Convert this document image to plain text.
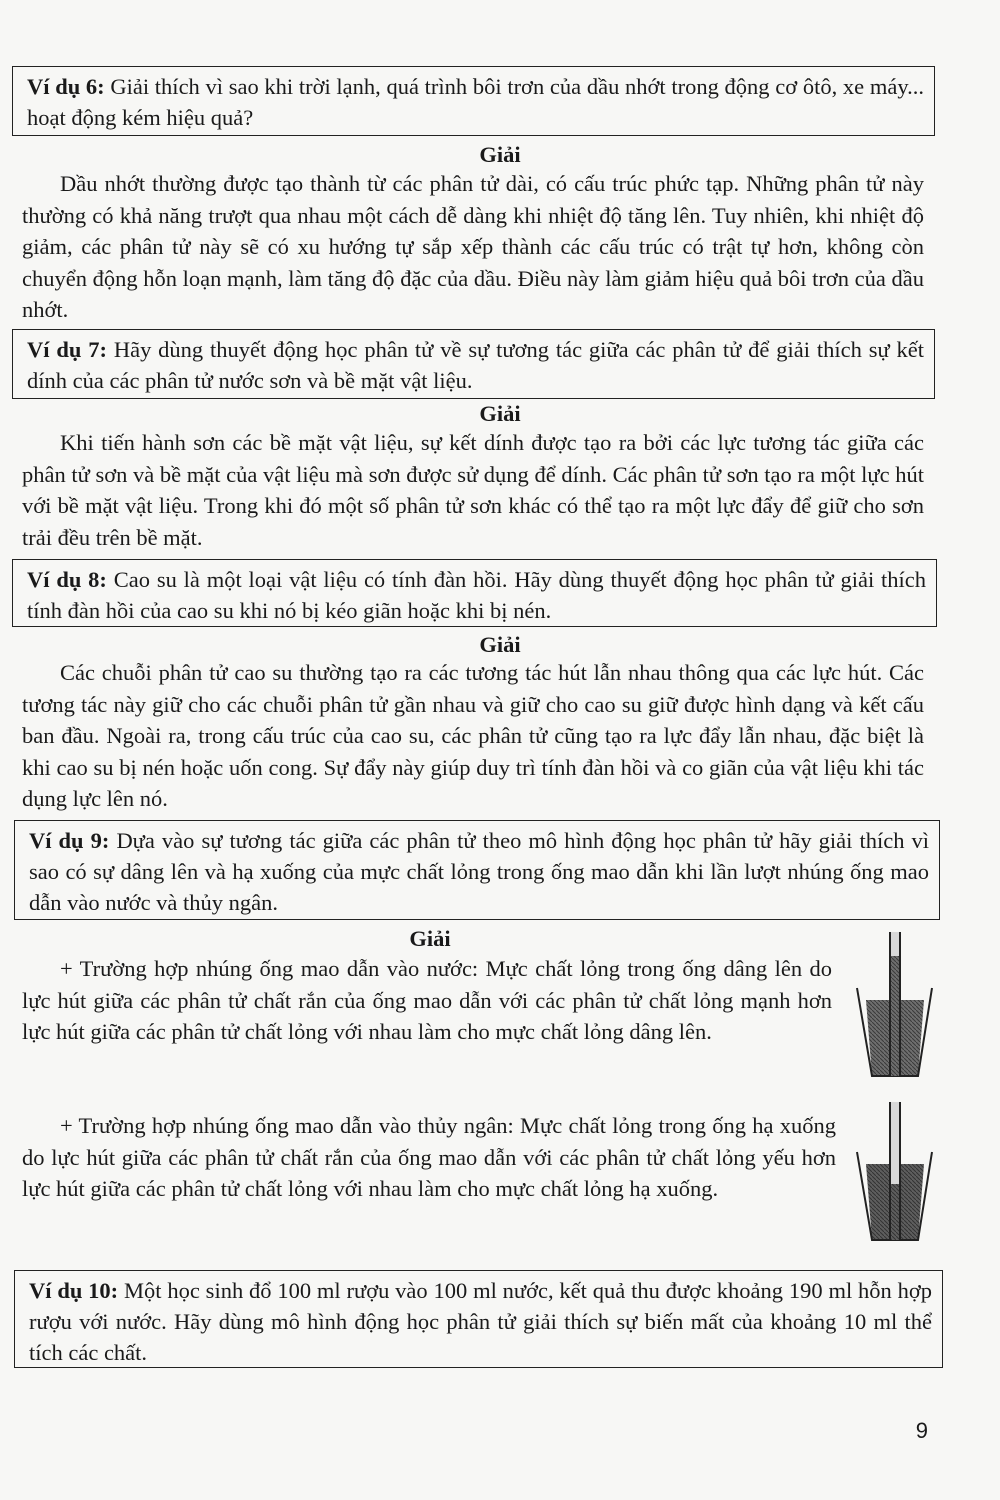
Ví dụ 6: Giải thích vì sao khi trời lạnh, quá trình bôi trơn của dầu nhớt trong động cơ ôtô, xe máy... hoạt động kém hiệu quả?
Giải
Dầu nhớt thường được tạo thành từ các phân tử dài, có cấu trúc phức tạp. Những phân tử này thường có khả năng trượt qua nhau một cách dễ dàng khi nhiệt độ tăng lên. Tuy nhiên, khi nhiệt độ giảm, các phân tử này sẽ có xu hướng tự sắp xếp thành các cấu trúc có trật tự hơn, không còn chuyển động hỗn loạn mạnh, làm tăng độ đặc của dầu. Điều này làm giảm hiệu quả bôi trơn của dầu nhớt.
Ví dụ 7: Hãy dùng thuyết động học phân tử về sự tương tác giữa các phân tử để giải thích sự kết dính của các phân tử nước sơn và bề mặt vật liệu.
Giải
Khi tiến hành sơn các bề mặt vật liệu, sự kết dính được tạo ra bởi các lực tương tác giữa các phân tử sơn và bề mặt của vật liệu mà sơn được sử dụng để dính. Các phân tử sơn tạo ra một lực hút với bề mặt vật liệu. Trong khi đó một số phân tử sơn khác có thể tạo ra một lực đẩy để giữ cho sơn trải đều trên bề mặt.
Ví dụ 8: Cao su là một loại vật liệu có tính đàn hồi. Hãy dùng thuyết động học phân tử giải thích tính đàn hồi của cao su khi nó bị kéo giãn hoặc khi bị nén.
Giải
Các chuỗi phân tử cao su thường tạo ra các tương tác hút lẫn nhau thông qua các lực hút. Các tương tác này giữ cho các chuỗi phân tử gần nhau và giữ cho cao su giữ được hình dạng và kết cấu ban đầu. Ngoài ra, trong cấu trúc của cao su, các phân tử cũng tạo ra lực đẩy lẫn nhau, đặc biệt là khi cao su bị nén hoặc uốn cong. Sự đẩy này giúp duy trì tính đàn hồi và co giãn của vật liệu khi tác dụng lực lên nó.
Ví dụ 9: Dựa vào sự tương tác giữa các phân tử theo mô hình động học phân tử hãy giải thích vì sao có sự dâng lên và hạ xuống của mực chất lỏng trong ống mao dẫn khi lần lượt nhúng ống mao dẫn vào nước và thủy ngân.
Giải
+ Trường hợp nhúng ống mao dẫn vào nước: Mực chất lỏng trong ống dâng lên do lực hút giữa các phân tử chất rắn của ống mao dẫn với các phân tử chất lỏng mạnh hơn lực hút giữa các phân tử chất lỏng với nhau làm cho mực chất lỏng dâng lên.
+ Trường hợp nhúng ống mao dẫn vào thủy ngân: Mực chất lỏng trong ống hạ xuống do lực hút giữa các phân tử chất rắn của ống mao dẫn với các phân tử chất lỏng yếu hơn lực hút giữa các phân tử chất lỏng với nhau làm cho mực chất lỏng hạ xuống.
Ví dụ 10: Một học sinh đổ 100 ml rượu vào 100 ml nước, kết quả thu được khoảng 190 ml hỗn hợp rượu với nước. Hãy dùng mô hình động học phân tử giải thích sự biến mất của khoảng 10 ml thể tích các chất.
9
